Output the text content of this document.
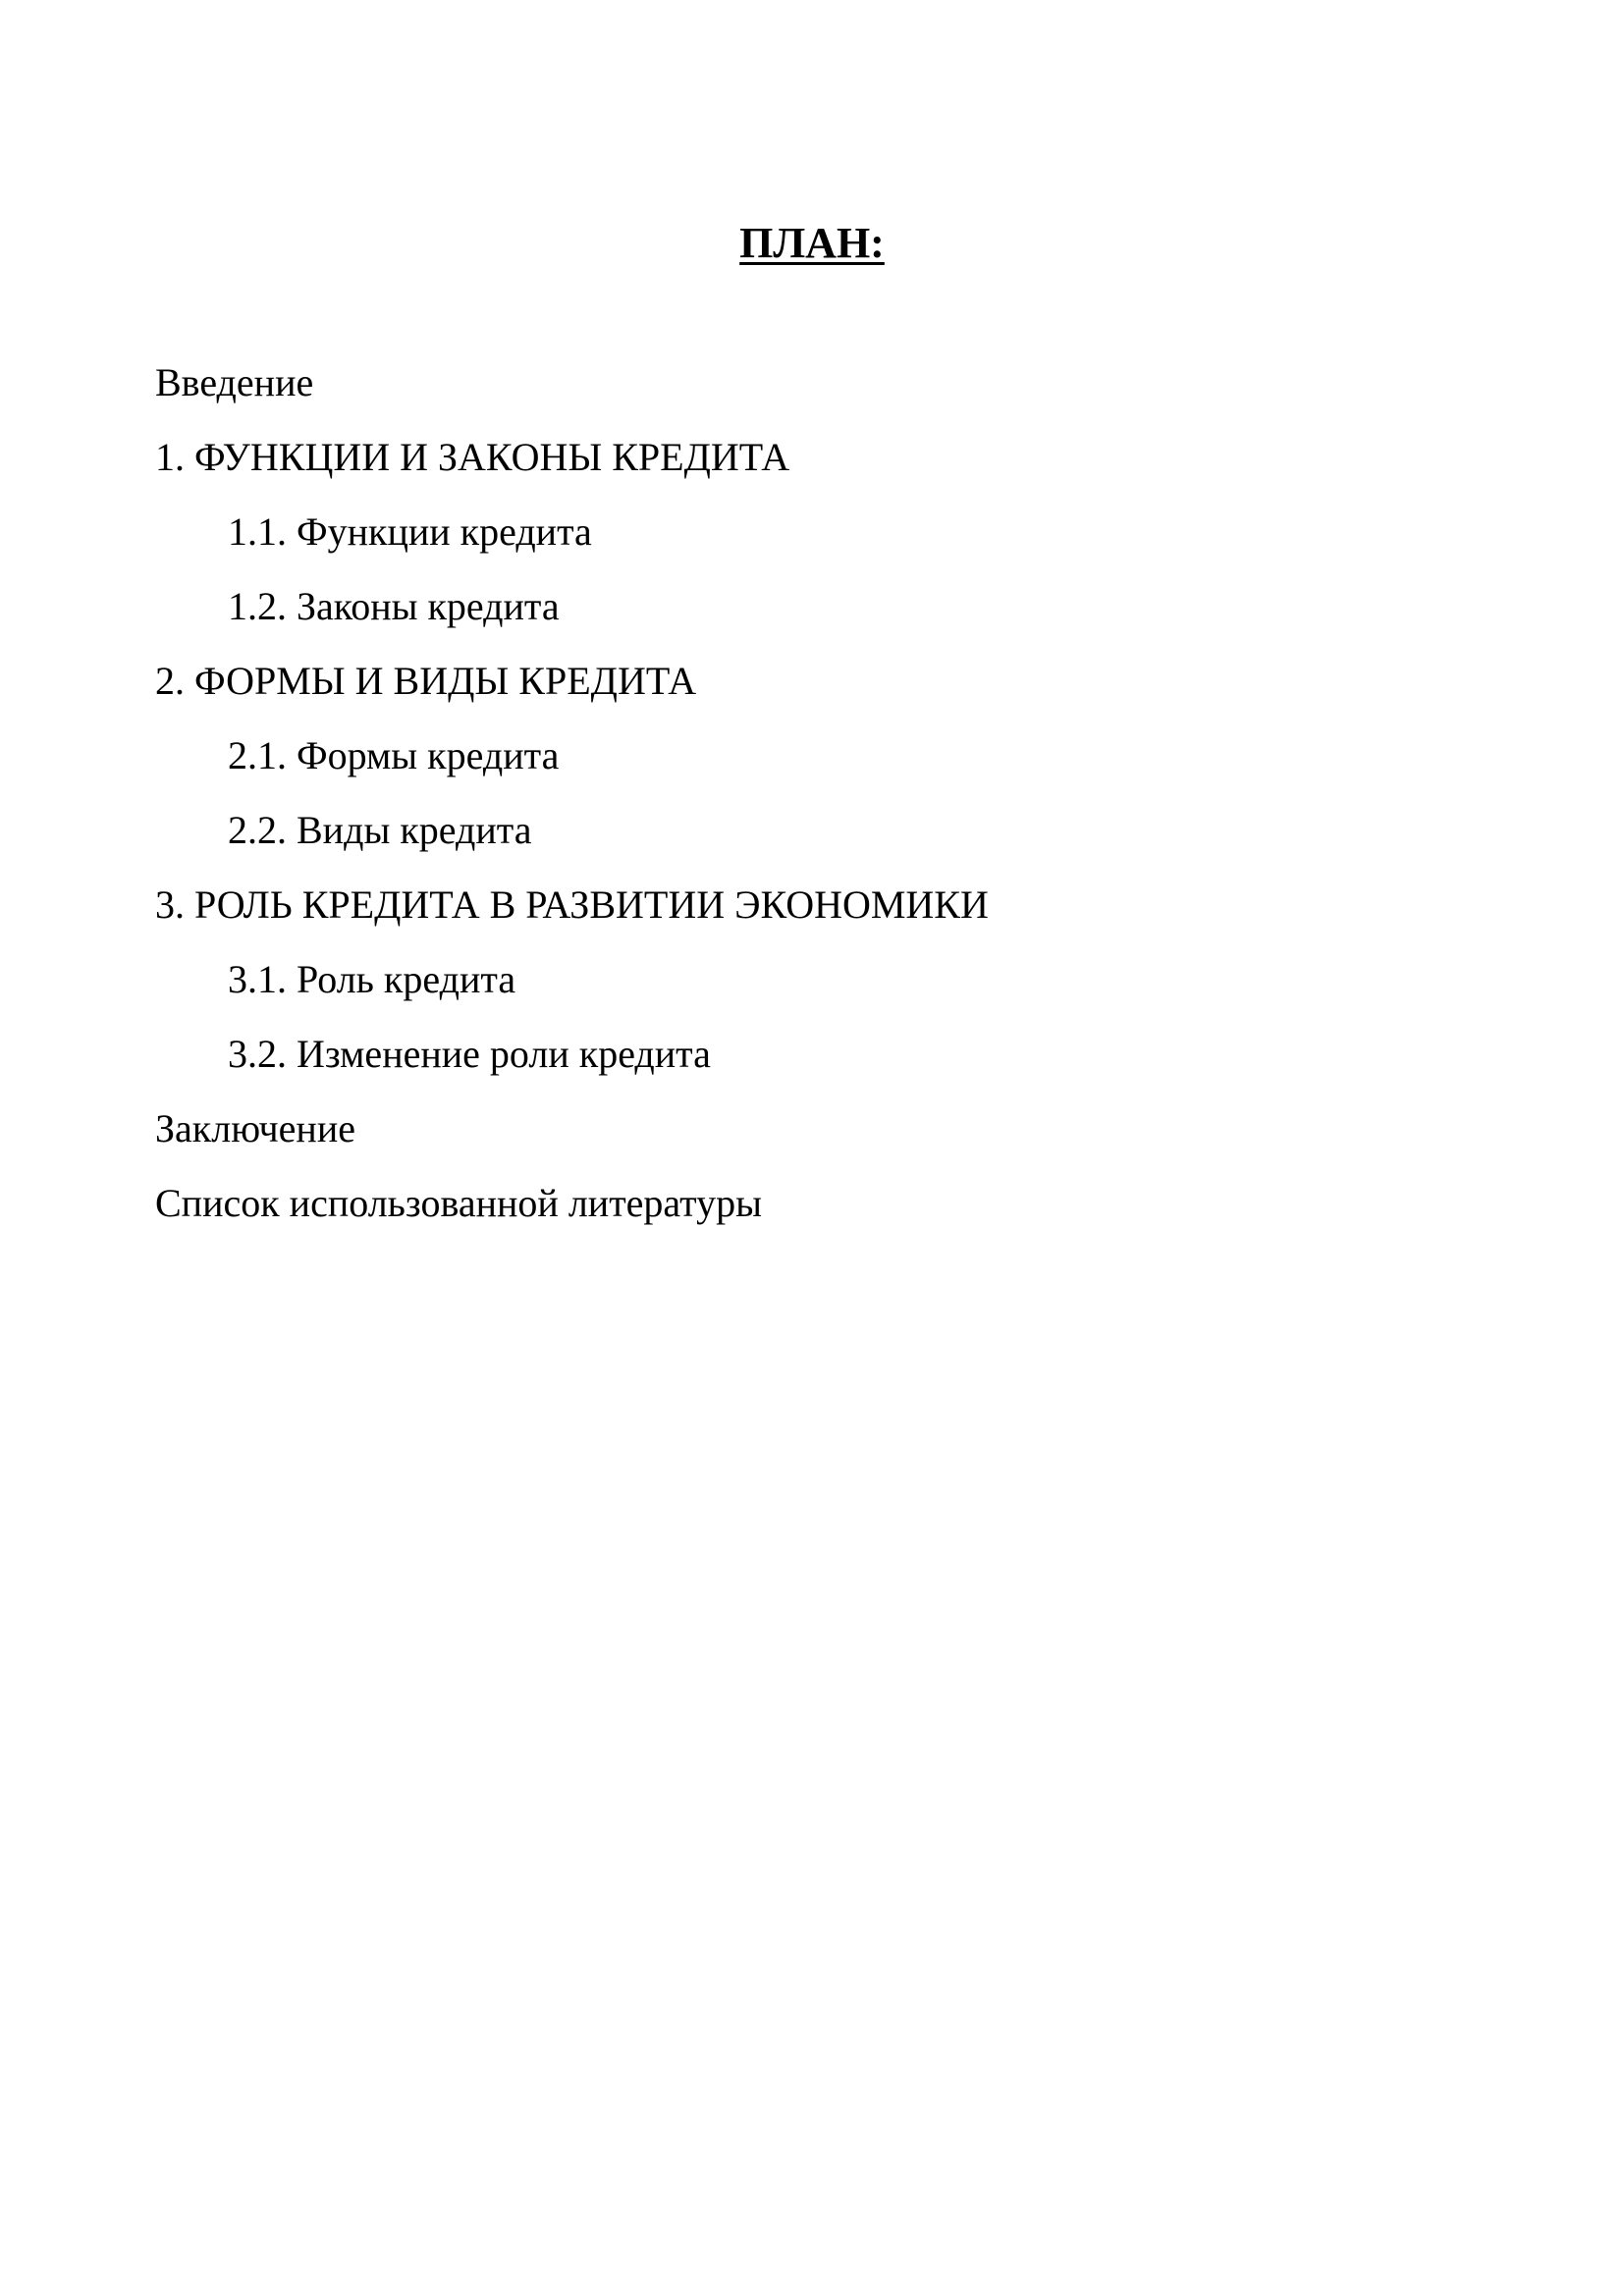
ПЛАН:
Введение
1. ФУНКЦИИ И ЗАКОНЫ КРЕДИТА
1.1. Функции кредита
1.2. Законы кредита
2. ФОРМЫ И ВИДЫ КРЕДИТА
2.1. Формы кредита
2.2. Виды кредита
3. РОЛЬ КРЕДИТА В РАЗВИТИИ ЭКОНОМИКИ
3.1. Роль кредита
3.2. Изменение роли кредита
Заключение
Список использованной литературы
